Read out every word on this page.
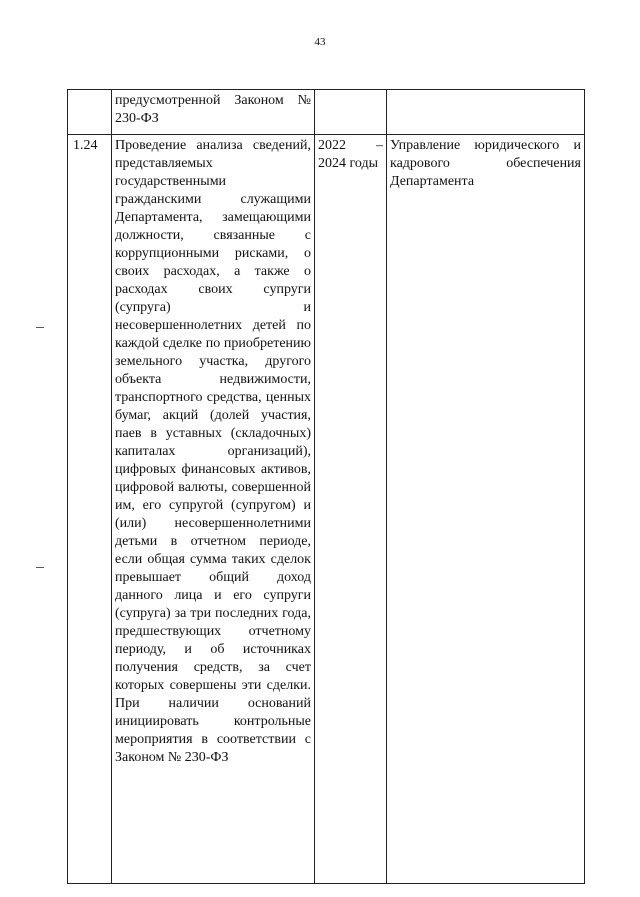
43
	предусмотренной Законом № 230-ФЗ		
1.24	Проведение анализа сведений, представляемых государственными гражданскими служащими Департамента, замещающими должности, связанные с коррупционными рисками, о своих расходах, а также о расходах своих супруги (супруга) и несовершеннолетних детей по каждой сделке по приобретению земельного участка, другого объекта недвижимости, транспортного средства, ценных бумаг, акций (долей участия, паев в уставных (складочных) капиталах организаций), цифровых финансовых активов, цифровой валюты, совершенной им, его супругой (супругом) и (или) несовершеннолетними детьми в отчетном периоде, если общая сумма таких сделок превышает общий доход данного лица и его супруги (супруга) за три последних года, предшествующих отчетному периоду, и об источниках получения средств, за счет которых совершены эти сделки. При наличии оснований инициировать контрольные мероприятия в соответствии с Законом № 230-ФЗ	2022 – 2024 годы	Управление юридического и кадрового обеспечения Департамента
